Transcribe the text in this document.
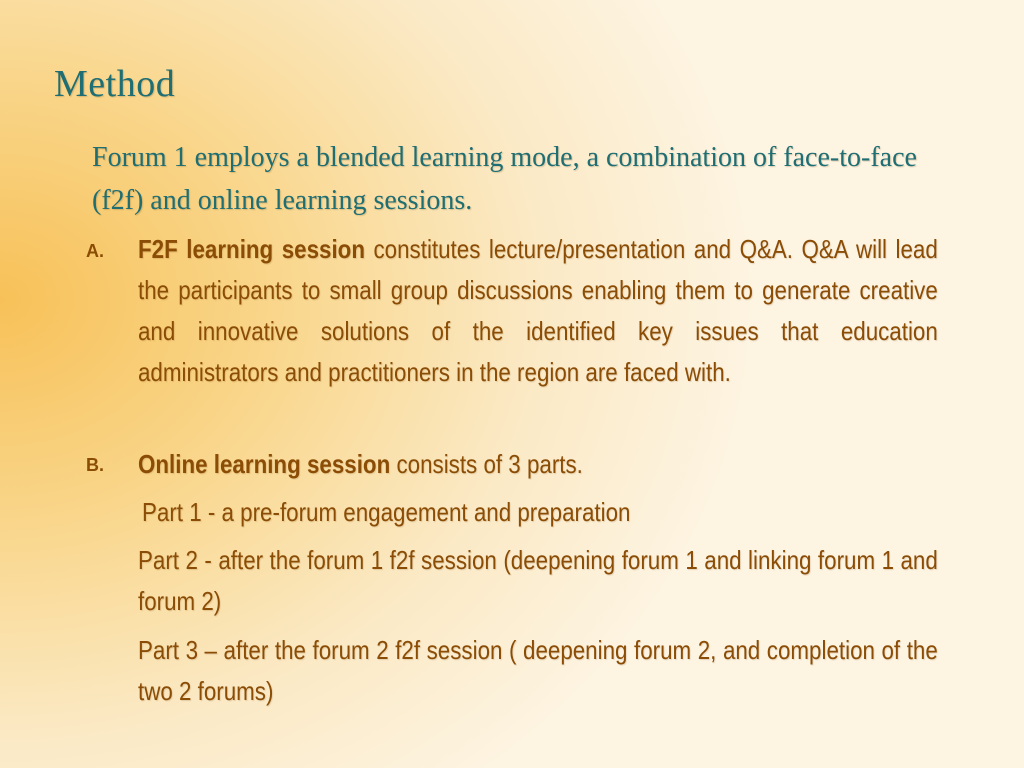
Method
Forum 1 employs a blended learning mode, a combination of face-to-face (f2f) and online learning sessions.
A. F2F learning session constitutes lecture/presentation and Q&A. Q&A will lead the participants to small group discussions enabling them to generate creative and innovative solutions of the identified key issues that education administrators and practitioners in the region are faced with.
B. Online learning session consists of 3 parts.
Part 1 - a pre-forum engagement and preparation
Part 2 - after the forum 1 f2f session (deepening forum 1 and linking forum 1 and forum 2)
Part 3 – after the forum 2 f2f session ( deepening forum 2, and completion of the two 2 forums)
